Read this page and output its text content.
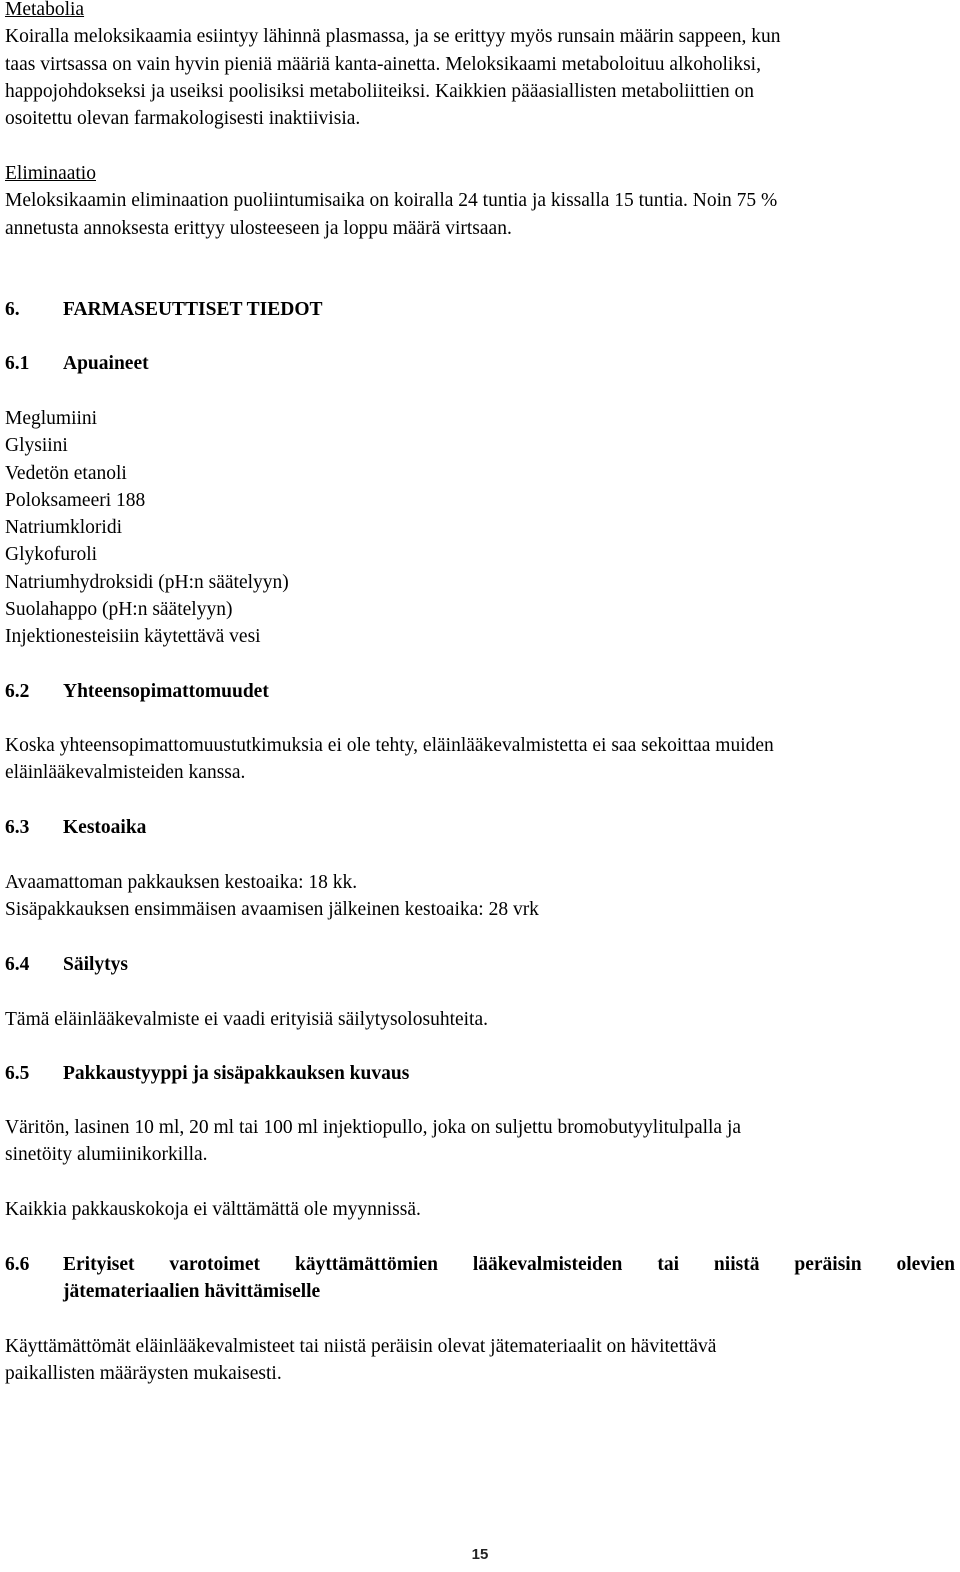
Metabolia
Koiralla meloksikaamia esiintyy lähinnä plasmassa, ja se erittyy myös runsain määrin sappeen, kun
taas virtsassa on vain hyvin pieniä määriä kanta-ainetta. Meloksikaami metaboloituu alkoholiksi,
happojohdokseksi ja useiksi poolisiksi metaboliiteiksi. Kaikkien pääasiallisten metaboliittien on
osoitettu olevan farmakologisesti inaktiivisia.
Eliminaatio
Meloksikaamin eliminaation puoliintumisaika on koiralla 24 tuntia ja kissalla 15 tuntia. Noin 75 %
annetusta annoksesta erittyy ulosteeseen ja loppu määrä virtsaan.
6. FARMASEUTTISET TIEDOT
6.1 Apuaineet
Meglumiini
Glysiini
Vedetön etanoli
Poloksameeri 188
Natriumkloridi
Glykofuroli
Natriumhydroksidi (pH:n säätelyyn)
Suolahappo (pH:n säätelyyn)
Injektionesteisiin käytettävä vesi
6.2 Yhteensopimattomuudet
Koska yhteensopimattomuustutkimuksia ei ole tehty, eläinlääkevalmistetta ei saa sekoittaa muiden
eläinlääkevalmisteiden kanssa.
6.3 Kestoaika
Avaamattoman pakkauksen kestoaika: 18 kk.
Sisäpakkauksen ensimmäisen avaamisen jälkeinen kestoaika: 28 vrk
6.4 Säilytys
Tämä eläinlääkevalmiste ei vaadi erityisiä säilytysolosuhteita.
6.5 Pakkaustyyppi ja sisäpakkauksen kuvaus
Väritön, lasinen 10 ml, 20 ml tai 100 ml injektiopullo, joka on suljettu bromobutyylitulpalla ja
sinetöity alumiinikorkilla.
Kaikkia pakkauskokoja ei välttämättä ole myynnissä.
6.6	Erityiset varotoimet käyttämättömien lääkevalmisteiden tai niistä peräisin olevien
jätemateriaalien hävittämiselle
Käyttämättömät eläinlääkevalmisteet tai niistä peräisin olevat jätemateriaalit on hävitettävä
paikallisten määräysten mukaisesti.
15
